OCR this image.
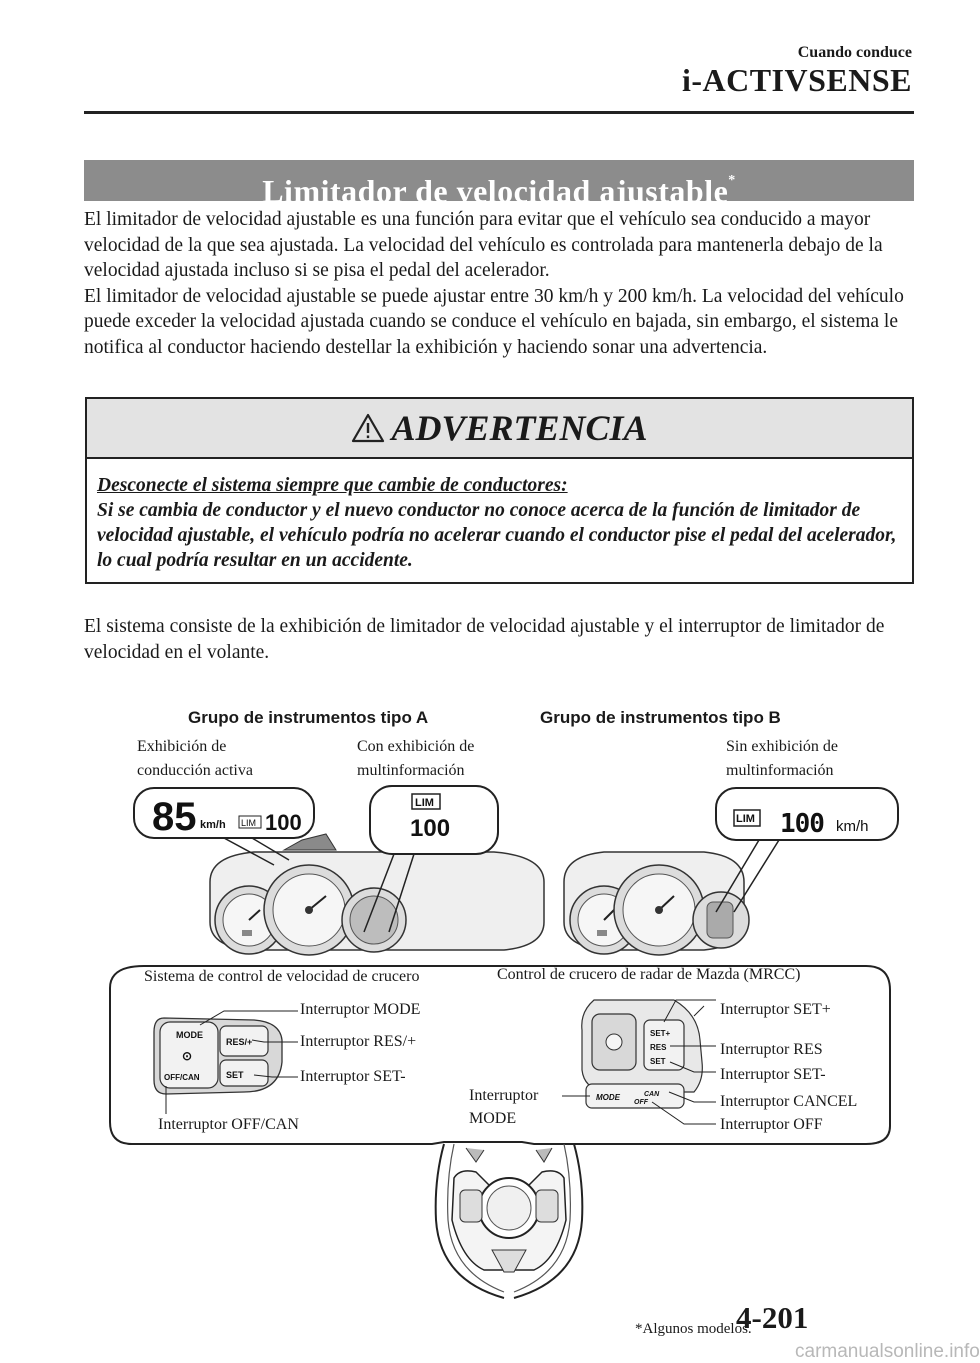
Cuando conduce
i-ACTIVSENSE
Limitador de velocidad ajustable*

El limitador de velocidad ajustable es una función para evitar que el vehículo sea conducido a mayor velocidad de la que sea ajustada. La velocidad del vehículo es controlada para mantenerla debajo de la velocidad ajustada incluso si se pisa el pedal del acelerador.

El limitador de velocidad ajustable se puede ajustar entre 30 km/h y 200 km/h. La velocidad del vehículo puede exceder la velocidad ajustada cuando se conduce el vehículo en bajada, sin embargo, el sistema le notifica al conductor haciendo destellar la exhibición y haciendo sonar una advertencia.

ADVERTENCIA
Desconecte el sistema siempre que cambie de conductores:
Si se cambia de conductor y el nuevo conductor no conoce acerca de la función de limitador de velocidad ajustable, el vehículo podría no acelerar cuando el conductor pise el pedal del acelerador, lo cual podría resultar en un accidente.

El sistema consiste de la exhibición de limitador de velocidad ajustable y el interruptor de limitador de velocidad en el volante.

85 km/h LIM 100
LIM
100	LIM 100 km/h
MODE
⊙
OFF/CAN
RES/+
SET
SET+
RES
SET
MODE	CAN
OFF
Grupo de instrumentos tipo A	Grupo de instrumentos tipo B
Exhibición de
conducción activa
Con exhibición de
multinformación
Sin exhibición de
multinformación
Sistema de control de velocidad de crucero	Control de crucero de radar de Mazda (MRCC)
Interruptor MODE
Interruptor RES/+
Interruptor SET-
Interruptor OFF/CAN
Interruptor
MODE
Interruptor SET+
Interruptor RES
Interruptor SET-
Interruptor CANCEL
Interruptor OFF
*Algunos modelos.
4-201
carmanualsonline.info
